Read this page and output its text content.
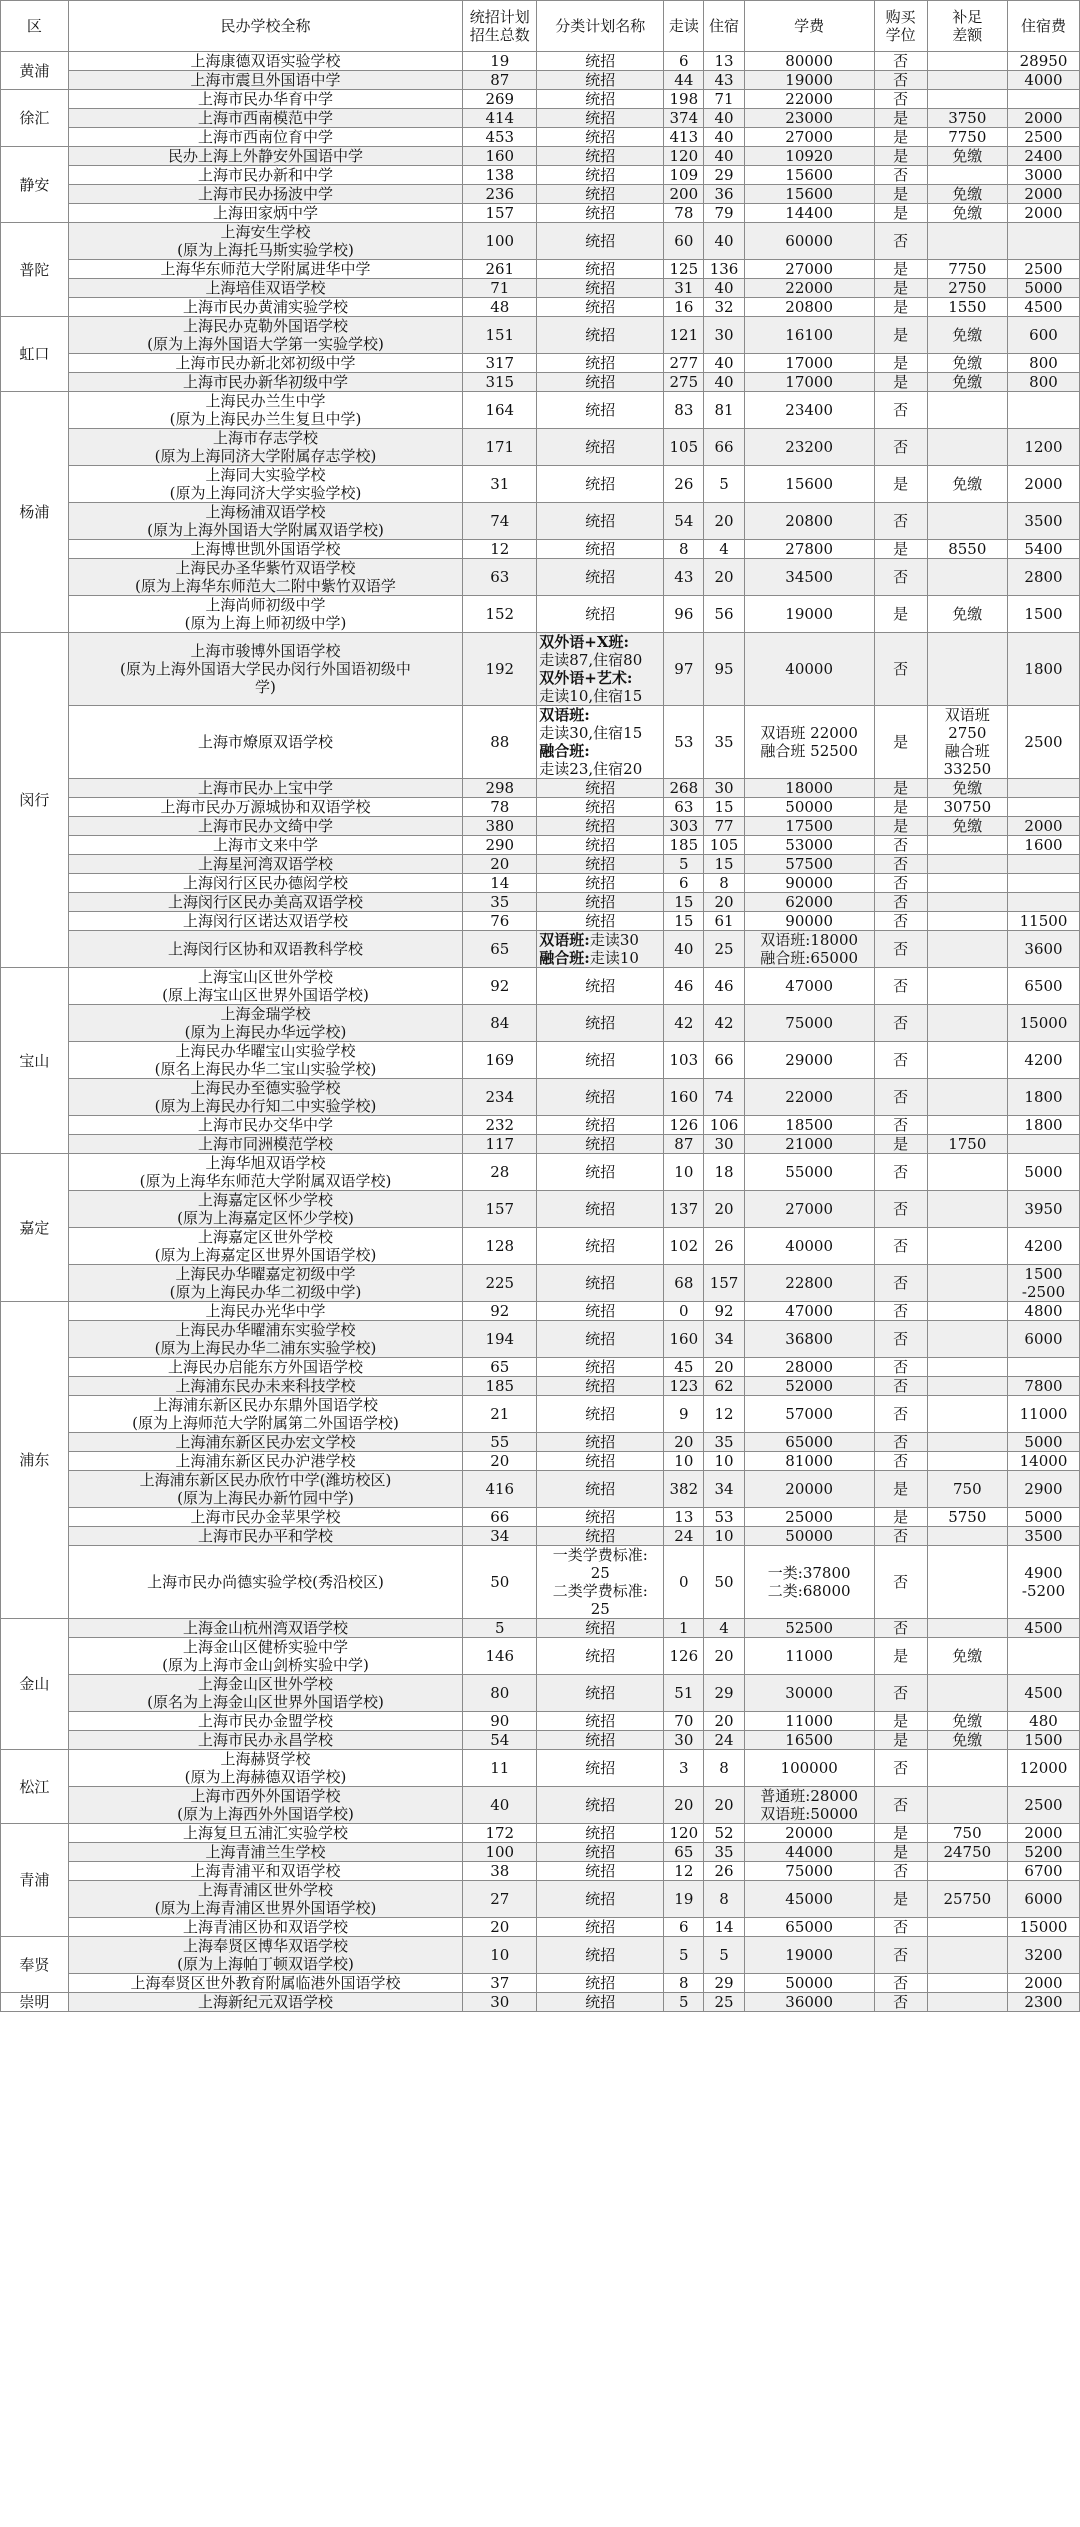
区	民办学校全称	统招计划招生总数	分类计划名称	走读	住宿	学费	购买学位	补足差额	住宿费
黄浦	上海康德双语实验学校	19	统招	6	13	80000	否		28950

	上海市震旦外国语中学	87	统招	44	43	19000	否		4000
徐汇	上海市民办华育中学	269	统招	198	71	22000	否		

	上海市西南模范中学	414	统招	374	40	23000	是	3750	2000

	上海市西南位育中学	453	统招	413	40	27000	是	7750	2500
静安	民办上海上外静安外国语中学	160	统招	120	40	10920	是	免缴	2400

	上海市民办新和中学	138	统招	109	29	15600	否		3000

	上海市民办扬波中学	236	统招	200	36	15600	是	免缴	2000

	上海田家炳中学	157	统招	78	79	14400	是	免缴	2000
普陀	上海安生学校
(原为上海托马斯实验学校)	100	统招	60	40	60000	否		

	上海华东师范大学附属进华中学	261	统招	125	136	27000	是	7750	2500

	上海培佳双语学校	71	统招	31	40	22000	是	2750	5000

	上海市民办黄浦实验学校	48	统招	16	32	20800	是	1550	4500
虹口	上海民办克勒外国语学校
(原为上海外国语大学第一实验学校)	151	统招	121	30	16100	是	免缴	600

	上海市民办新北郊初级中学	317	统招	277	40	17000	是	免缴	800

	上海市民办新华初级中学	315	统招	275	40	17000	是	免缴	800
杨浦	上海民办兰生中学
(原为上海民办兰生复旦中学)	164	统招	83	81	23400	否		

	上海市存志学校
(原为上海同济大学附属存志学校)	171	统招	105	66	23200	否		1200

	上海同大实验学校
(原为上海同济大学实验学校)	31	统招	26	5	15600	是	免缴	2000

	上海杨浦双语学校
(原为上海外国语大学附属双语学校)	74	统招	54	20	20800	否		3500

	上海博世凯外国语学校	12	统招	8	4	27800	是	8550	5400

	上海民办圣华紫竹双语学校
(原为上海华东师范大二附中紫竹双语学	63	统招	43	20	34500	否		2800

	上海尚师初级中学
(原为上海上师初级中学)	152	统招	96	56	19000	是	免缴	1500
闵行	上海市骏博外国语学校
(原为上海外国语大学民办闵行外国语初级中
学)	192	双外语+X班:
走读87,住宿80
双外语+艺术:
走读10,住宿15	97	95	40000	否		1800

	上海市燎原双语学校	88	双语班:
走读30,住宿15
融合班:
走读23,住宿20	53	35	双语班 22000
融合班 52500	是	双语班
2750
融合班
33250	2500

	上海市民办上宝中学	298	统招	268	30	18000	是	免缴	

	上海市民办万源城协和双语学校	78	统招	63	15	50000	是	30750	

	上海市民办文绮中学	380	统招	303	77	17500	是	免缴	2000

	上海市文来中学	290	统招	185	105	53000	否		1600

	上海星河湾双语学校	20	统招	5	15	57500	否		

	上海闵行区民办德闳学校	14	统招	6	8	90000	否		

	上海闵行区民办美高双语学校	35	统招	15	20	62000	否		

	上海闵行区诺达双语学校	76	统招	15	61	90000	否		11500

	上海闵行区协和双语教科学校	65	双语班:走读30
融合班:走读10	40	25	双语班:18000
融合班:65000	否		3600
宝山	上海宝山区世外学校
(原上海宝山区世界外国语学校)	92	统招	46	46	47000	否		6500

	上海金瑞学校
(原为上海民办华远学校)	84	统招	42	42	75000	否		15000

	上海民办华曜宝山实验学校
(原名上海民办华二宝山实验学校)	169	统招	103	66	29000	否		4200

	上海民办至德实验学校
(原为上海民办行知二中实验学校)	234	统招	160	74	22000	否		1800

	上海市民办交华中学	232	统招	126	106	18500	否		1800

	上海市同洲模范学校	117	统招	87	30	21000	是	1750	
嘉定	上海华旭双语学校
(原为上海华东师范大学附属双语学校)	28	统招	10	18	55000	否		5000

	上海嘉定区怀少学校
(原为上海嘉定区怀少学校)	157	统招	137	20	27000	否		3950

	上海嘉定区世外学校
(原为上海嘉定区世界外国语学校)	128	统招	102	26	40000	否		4200

	上海民办华曜嘉定初级中学
(原为上海民办华二初级中学)	225	统招	68	157	22800	否		1500
-2500

浦东	上海民办光华中学	92	统招	0	92	47000	否		4800

	上海民办华曜浦东实验学校
(原为上海民办华二浦东实验学校)	194	统招	160	34	36800	否		6000

	上海民办启能东方外国语学校	65	统招	45	20	28000	否		

	上海浦东民办未来科技学校	185	统招	123	62	52000	否		7800

	上海浦东新区民办东鼎外国语学校
(原为上海师范大学附属第二外国语学校)	21	统招	9	12	57000	否		11000

	上海浦东新区民办宏文学校	55	统招	20	35	65000	否		5000

	上海浦东新区民办沪港学校	20	统招	10	10	81000	否		14000

	上海浦东新区民办欣竹中学(潍坊校区)
(原为上海民办新竹园中学)	416	统招	382	34	20000	是	750	2900

	上海市民办金苹果学校	66	统招	13	53	25000	是	5750	5000

	上海市民办平和学校	34	统招	24	10	50000	否		3500

	上海市民办尚德实验学校(秀沿校区)	50	一类学费标准:
25
二类学费标准:
25	0	50	一类:37800
二类:68000	否		4900
-5200

金山	上海金山杭州湾双语学校	5	统招	1	4	52500	否		4500

	上海金山区健桥实验中学
(原为上海市金山剑桥实验中学)	146	统招	126	20	11000	是	免缴	

	上海金山区世外学校
(原名为上海金山区世界外国语学校)	80	统招	51	29	30000	否		4500

	上海市民办金盟学校	90	统招	70	20	11000	是	免缴	480

	上海市民办永昌学校	54	统招	30	24	16500	是	免缴	1500
松江	上海赫贤学校
(原为上海赫德双语学校)	11	统招	3	8	100000	否		12000

	上海市西外外国语学校
(原为上海西外外国语学校)	40	统招	20	20	普通班:28000
双语班:50000	否		2500
青浦	上海复旦五浦汇实验学校	172	统招	120	52	20000	是	750	2000

	上海青浦兰生学校	100	统招	65	35	44000	是	24750	5200

	上海青浦平和双语学校	38	统招	12	26	75000	否		6700

	上海青浦区世外学校
(原为上海青浦区世界外国语学校)	27	统招	19	8	45000	是	25750	6000

	上海青浦区协和双语学校	20	统招	6	14	65000	否		15000
奉贤	上海奉贤区博华双语学校
(原为上海帕丁顿双语学校)	10	统招	5	5	19000	否		3200

	上海奉贤区世外教育附属临港外国语学校	37	统招	8	29	50000	否		2000
崇明	上海新纪元双语学校	30	统招	5	25	36000	否		2300
